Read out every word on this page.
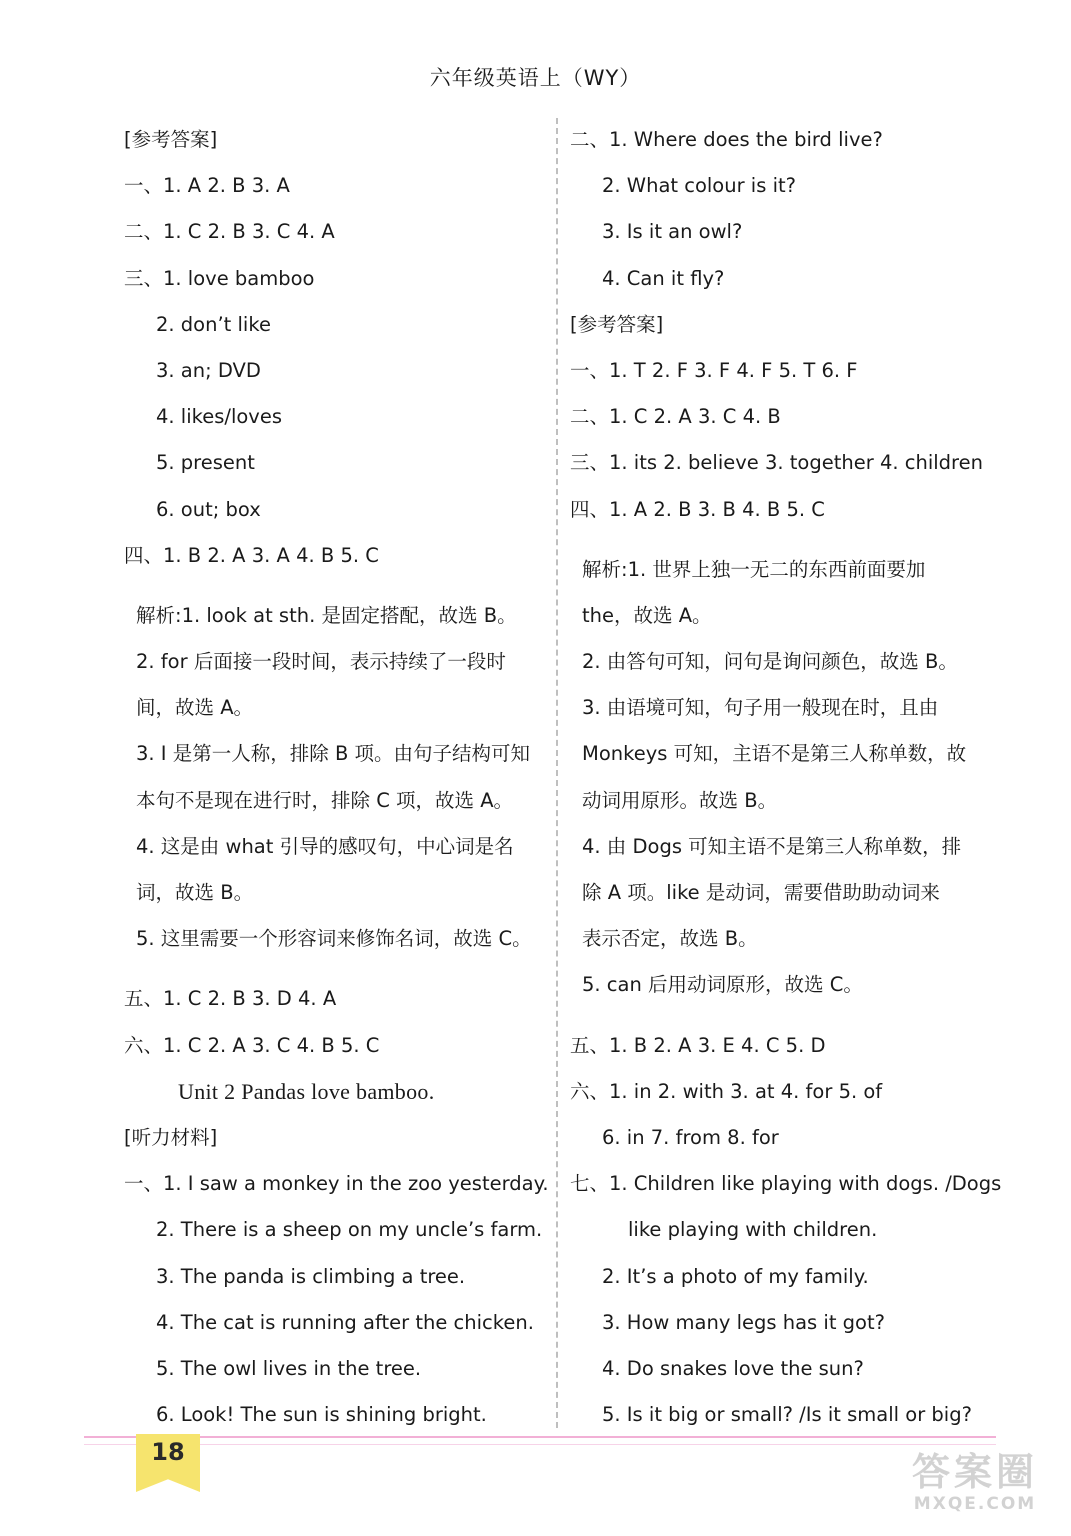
六年级英语上（WY）
[参考答案]
一、1. A 2. B 3. A
二、1. C 2. B 3. C 4. A
三、1. love bamboo
2. don’t like
3. an; DVD
4. likes/loves
5. present
6. out; box
四、1. B 2. A 3. A 4. B 5. C
解析:1. look at sth. 是固定搭配，故选 B。
2. for 后面接一段时间，表示持续了一段时
间，故选 A。
3. I 是第一人称，排除 B 项。由句子结构可知
本句不是现在进行时，排除 C 项，故选 A。
4. 这是由 what 引导的感叹句，中心词是名
词，故选 B。
5. 这里需要一个形容词来修饰名词，故选 C。
五、1. C 2. B 3. D 4. A
六、1. C 2. A 3. C 4. B 5. C
Unit 2 Pandas love bamboo.
[听力材料]
一、1. I saw a monkey in the zoo yesterday.
2. There is a sheep on my uncle’s farm.
3. The panda is climbing a tree.
4. The cat is running after the chicken.
5. The owl lives in the tree.
6. Look! The sun is shining bright.
二、1. Where does the bird live?
2. What colour is it?
3. Is it an owl?
4. Can it fly?
[参考答案]
一、1. T 2. F 3. F 4. F 5. T 6. F
二、1. C 2. A 3. C 4. B
三、1. its 2. believe 3. together 4. children
四、1. A 2. B 3. B 4. B 5. C
解析:1. 世界上独一无二的东西前面要加
the，故选 A。
2. 由答句可知，问句是询问颜色，故选 B。
3. 由语境可知，句子用一般现在时，且由
Monkeys 可知，主语不是第三人称单数，故
动词用原形。故选 B。
4. 由 Dogs 可知主语不是第三人称单数，排
除 A 项。like 是动词，需要借助助动词来
表示否定，故选 B。
5. can 后用动词原形，故选 C。
五、1. B 2. A 3. E 4. C 5. D
六、1. in 2. with 3. at 4. for 5. of
6. in 7. from 8. for
七、1. Children like playing with dogs. /Dogs
like playing with children.
2. It’s a photo of my family.
3. How many legs has it got?
4. Do snakes love the sun?
5. Is it big or small? /Is it small or big?
18	答案圈
MXQE.COM
